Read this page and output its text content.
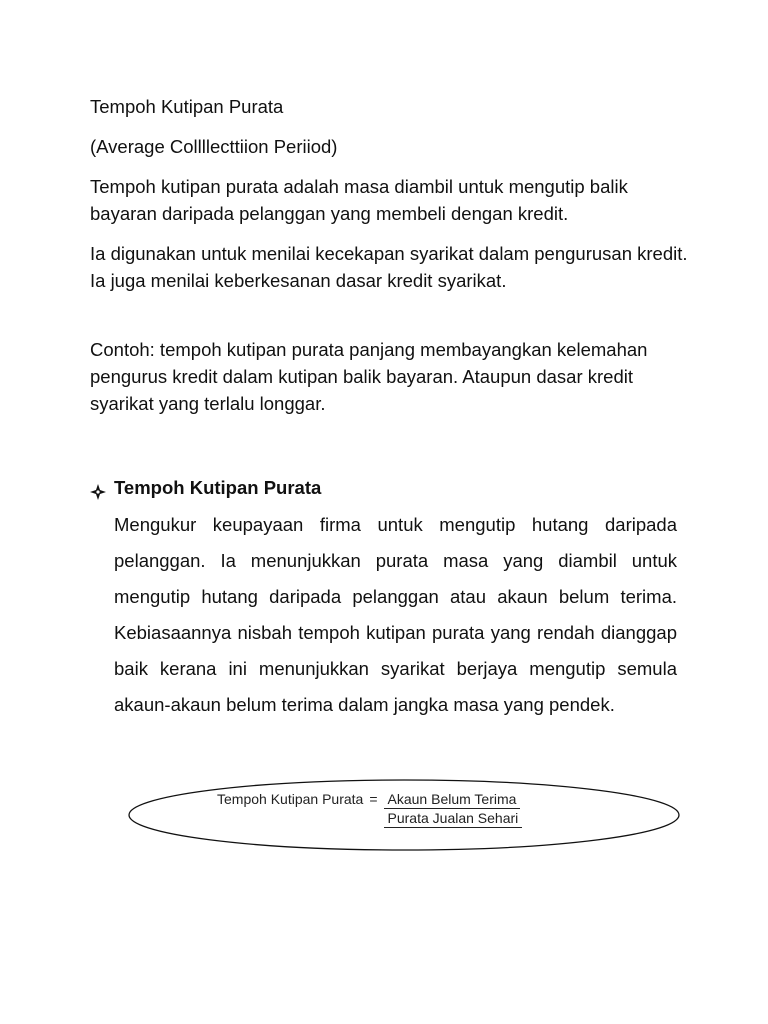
Tempoh Kutipan Purata

(Average Collllecttiion Periiod)

Tempoh kutipan purata adalah masa diambil untuk mengutip balik bayaran daripada pelanggan yang membeli dengan kredit.

Ia digunakan untuk menilai kecekapan syarikat dalam pengurusan kredit. Ia juga menilai keberkesanan dasar kredit syarikat.

Contoh: tempoh kutipan purata panjang membayangkan kelemahan pengurus kredit dalam kutipan balik bayaran. Ataupun dasar kredit syarikat yang terlalu longgar.

Tempoh Kutipan Purata

Mengukur keupayaan firma untuk mengutip hutang daripada pelanggan. Ia menunjukkan purata masa yang diambil untuk mengutip hutang daripada pelanggan atau akaun belum terima. Kebiasaannya nisbah tempoh kutipan purata yang rendah dianggap baik kerana ini menunjukkan syarikat berjaya mengutip semula akaun-akaun belum terima dalam jangka masa yang pendek.

Tempoh Kutipan Purata = $\frac{\text{Akaun Belum Terima}}{\text{Purata Jualan Sehari}}$
